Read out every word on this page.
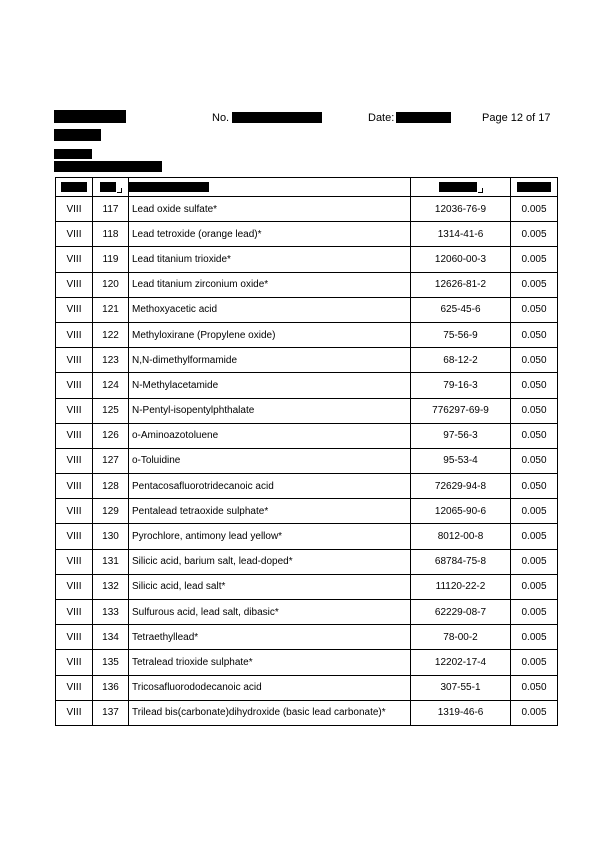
No.	Date:	Page 12 of 17

VIII	117	Lead oxide sulfate*	12036-76-9	0.005
VIII	118	Lead tetroxide (orange lead)*	1314-41-6	0.005
VIII	119	Lead titanium trioxide*	12060-00-3	0.005
VIII	120	Lead titanium zirconium oxide*	12626-81-2	0.005
VIII	121	Methoxyacetic acid	625-45-6	0.050
VIII	122	Methyloxirane (Propylene oxide)	75-56-9	0.050
VIII	123	N,N-dimethylformamide	68-12-2	0.050
VIII	124	N-Methylacetamide	79-16-3	0.050
VIII	125	N-Pentyl-isopentylphthalate	776297-69-9	0.050
VIII	126	o-Aminoazotoluene	97-56-3	0.050
VIII	127	o-Toluidine	95-53-4	0.050
VIII	128	Pentacosafluorotridecanoic acid	72629-94-8	0.050
VIII	129	Pentalead tetraoxide sulphate*	12065-90-6	0.005
VIII	130	Pyrochlore, antimony lead yellow*	8012-00-8	0.005
VIII	131	Silicic acid, barium salt, lead-doped*	68784-75-8	0.005
VIII	132	Silicic acid, lead salt*	11120-22-2	0.005
VIII	133	Sulfurous acid, lead salt, dibasic*	62229-08-7	0.005
VIII	134	Tetraethyllead*	78-00-2	0.005
VIII	135	Tetralead trioxide sulphate*	12202-17-4	0.005
VIII	136	Tricosafluorododecanoic acid	307-55-1	0.050
VIII	137	Trilead bis(carbonate)dihydroxide (basic lead carbonate)*	1319-46-6	0.005
